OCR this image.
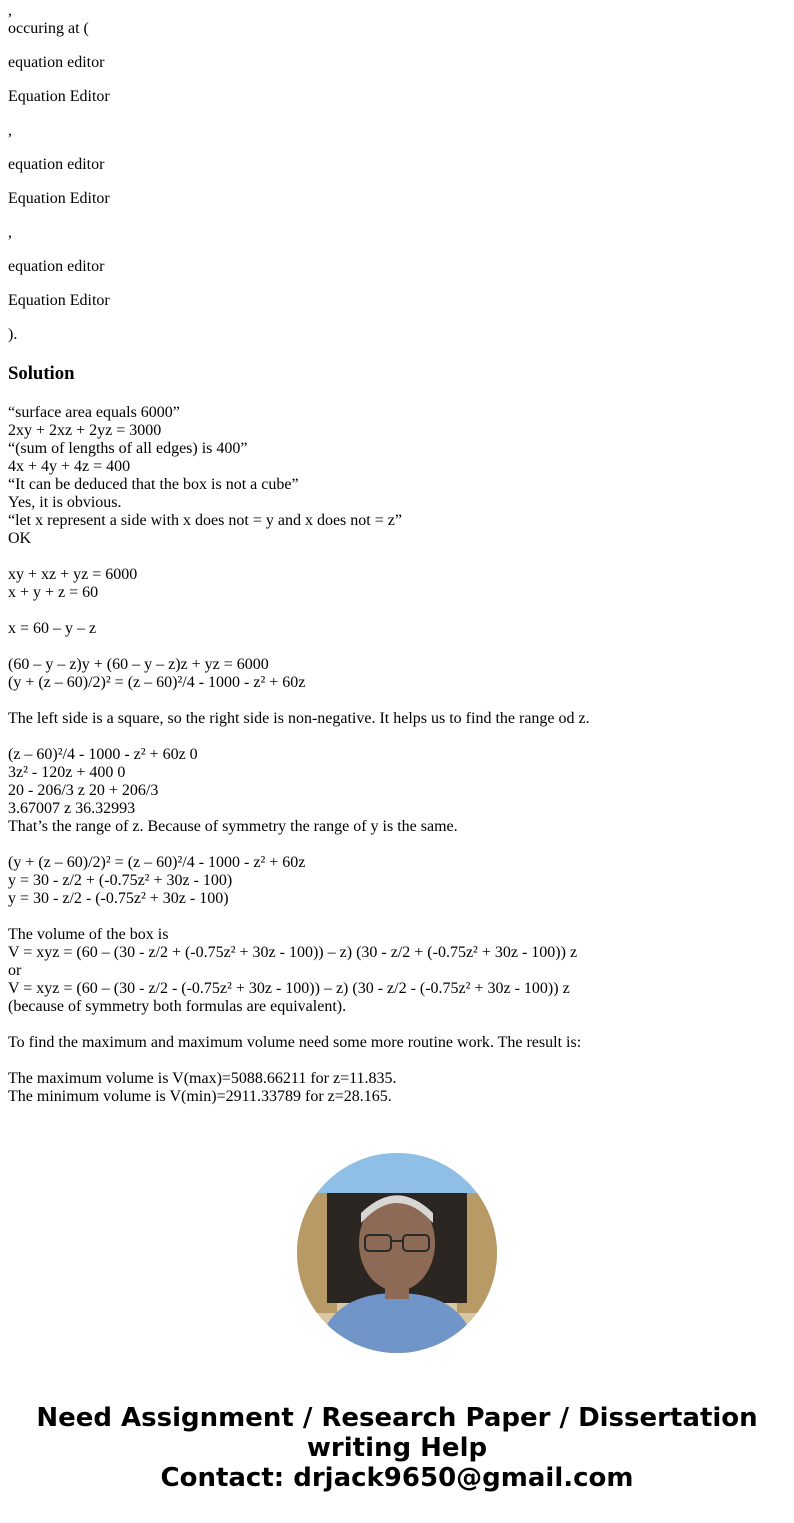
,
occuring at (
equation editor
Equation Editor
,
equation editor
Equation Editor
,
equation editor
Equation Editor
).
Solution
“surface area equals 6000”
2xy + 2xz + 2yz = 3000
“(sum of lengths of all edges) is 400”
4x + 4y + 4z = 400
“It can be deduced that the box is not a cube”
Yes, it is obvious.
“let x represent a side with x does not = y and x does not = z”
OK
xy + xz + yz = 6000
x + y + z = 60
x = 60 – y – z
(60 – y – z)y + (60 – y – z)z + yz = 6000
(y + (z – 60)/2)² = (z – 60)²/4 - 1000 - z² + 60z
The left side is a square, so the right side is non-negative. It helps us to find the range od z.
(z – 60)²/4 - 1000 - z² + 60z 0
3z² - 120z + 400 0
20 - 206/3 z 20 + 206/3
3.67007 z 36.32993
That’s the range of z. Because of symmetry the range of y is the same.
(y + (z – 60)/2)² = (z – 60)²/4 - 1000 - z² + 60z
y = 30 - z/2 + (-0.75z² + 30z - 100)
y = 30 - z/2 - (-0.75z² + 30z - 100)
The volume of the box is
V = xyz = (60 – (30 - z/2 + (-0.75z² + 30z - 100)) – z) (30 - z/2 + (-0.75z² + 30z - 100)) z
or
V = xyz = (60 – (30 - z/2 - (-0.75z² + 30z - 100)) – z) (30 - z/2 - (-0.75z² + 30z - 100)) z
(because of symmetry both formulas are equivalent).
To find the maximum and maximum volume need some more routine work. The result is:
The maximum volume is V(max)=5088.66211 for z=11.835.
The minimum volume is V(min)=2911.33789 for z=28.165.
Need Assignment / Research Paper / Dissertation
writing Help
Contact: drjack9650@gmail.com
